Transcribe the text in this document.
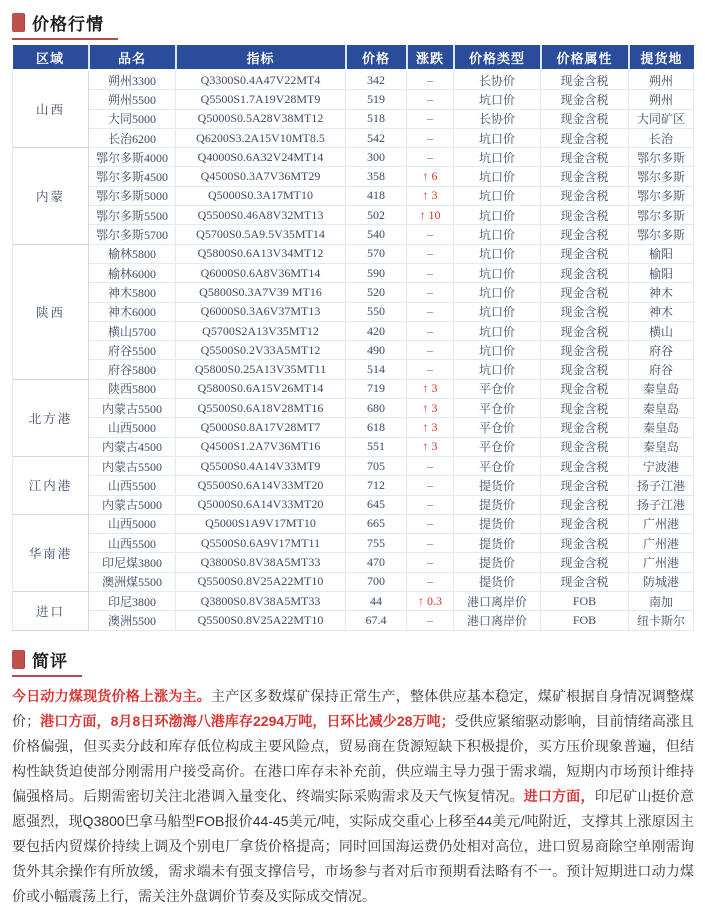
价格行情
区域	品名	指标	价格	涨跌	价格类型	价格属性	提货地
山西	朔州3300	Q3300S0.4A47V22MT4	342	–	长协价	现金含税	朔州
	朔州5500	Q5500S1.7A19V28MT9	519	–	坑口价	现金含税	朔州
	大同5000	Q5000S0.5A28V38MT12	518	–	长协价	现金含税	大同矿区
	长治6200	Q6200S3.2A15V10MT8.5	542	–	坑口价	现金含税	长治
内蒙	鄂尔多斯4000	Q4000S0.6A32V24MT14	300	–	坑口价	现金含税	鄂尔多斯
	鄂尔多斯4500	Q4500S0.3A7V36MT29	358	↑ 6	坑口价	现金含税	鄂尔多斯
	鄂尔多斯5000	Q5000S0.3A17MT10	418	↑ 3	坑口价	现金含税	鄂尔多斯
	鄂尔多斯5500	Q5500S0.46A8V32MT13	502	↑ 10	坑口价	现金含税	鄂尔多斯
	鄂尔多斯5700	Q5700S0.5A9.5V35MT14	540	–	坑口价	现金含税	鄂尔多斯
陕西	榆林5800	Q5800S0.6A13V34MT12	570	–	坑口价	现金含税	榆阳
	榆林6000	Q6000S0.6A8V36MT14	590	–	坑口价	现金含税	榆阳
	神木5800	Q5800S0.3A7V39 MT16	520	–	坑口价	现金含税	神木
	神木6000	Q6000S0.3A6V37MT13	550	–	坑口价	现金含税	神木
	横山5700	Q5700S2A13V35MT12	420	–	坑口价	现金含税	横山
	府谷5500	Q5500S0.2V33A5MT12	490	–	坑口价	现金含税	府谷
	府谷5800	Q5800S0.25A13V35MT11	514	–	坑口价	现金含税	府谷
北方港	陕西5800	Q5800S0.6A15V26MT14	719	↑ 3	平仓价	现金含税	秦皇岛
	内蒙古5500	Q5500S0.6A18V28MT16	680	↑ 3	平仓价	现金含税	秦皇岛
	山西5000	Q5000S0.8A17V28MT7	618	↑ 3	平仓价	现金含税	秦皇岛
	内蒙古4500	Q4500S1.2A7V36MT16	551	↑ 3	平仓价	现金含税	秦皇岛
江内港	内蒙古5500	Q5500S0.4A14V33MT9	705	–	平仓价	现金含税	宁波港
	山西5500	Q5500S0.6A14V33MT20	712	–	提货价	现金含税	扬子江港
	内蒙古5000	Q5000S0.6A14V33MT20	645	–	提货价	现金含税	扬子江港
华南港	山西5000	Q5000S1A9V17MT10	665	–	提货价	现金含税	广州港
	山西5500	Q5500S0.6A9V17MT11	755	–	提货价	现金含税	广州港
	印尼煤3800	Q3800S0.8V38A5MT33	470	–	提货价	现金含税	广州港
	澳洲煤5500	Q5500S0.8V25A22MT10	700	–	提货价	现金含税	防城港
进口	印尼3800	Q3800S0.8V38A5MT33	44	↑ 0.3	港口离岸价	FOB	南加
	澳洲5500	Q5500S0.8V25A22MT10	67.4	–	港口离岸价	FOB	纽卡斯尔
简评
今日动力煤现货价格上涨为主。主产区多数煤矿保持正常生产，整体供应基本稳定，煤矿根据自身情况调整煤价；港口方面，8月8日环渤海八港库存2294万吨，日环比减少28万吨；受供应紧缩驱动影响，目前情绪高涨且价格偏强，但买卖分歧和库存低位构成主要风险点，贸易商在货源短缺下积极提价，买方压价现象普遍，但结构性缺货迫使部分刚需用户接受高价。在港口库存未补充前，供应端主导力强于需求端，短期内市场预计维持偏强格局。后期需密切关注北港调入量变化、终端实际采购需求及天气恢复情况。进口方面，印尼矿山挺价意愿强烈，现Q3800巴拿马船型FOB报价44-45美元/吨，实际成交重心上移至44美元/吨附近，支撑其上涨原因主要包括内贸煤价持续上调及个别电厂拿货价格提高；同时回国海运费仍处相对高位，进口贸易商除空单刚需询货外其余操作有所放缓，需求端未有强支撑信号，市场参与者对后市预期看法略有不一。预计短期进口动力煤价或小幅震荡上行，需关注外盘调价节奏及实际成交情况。
